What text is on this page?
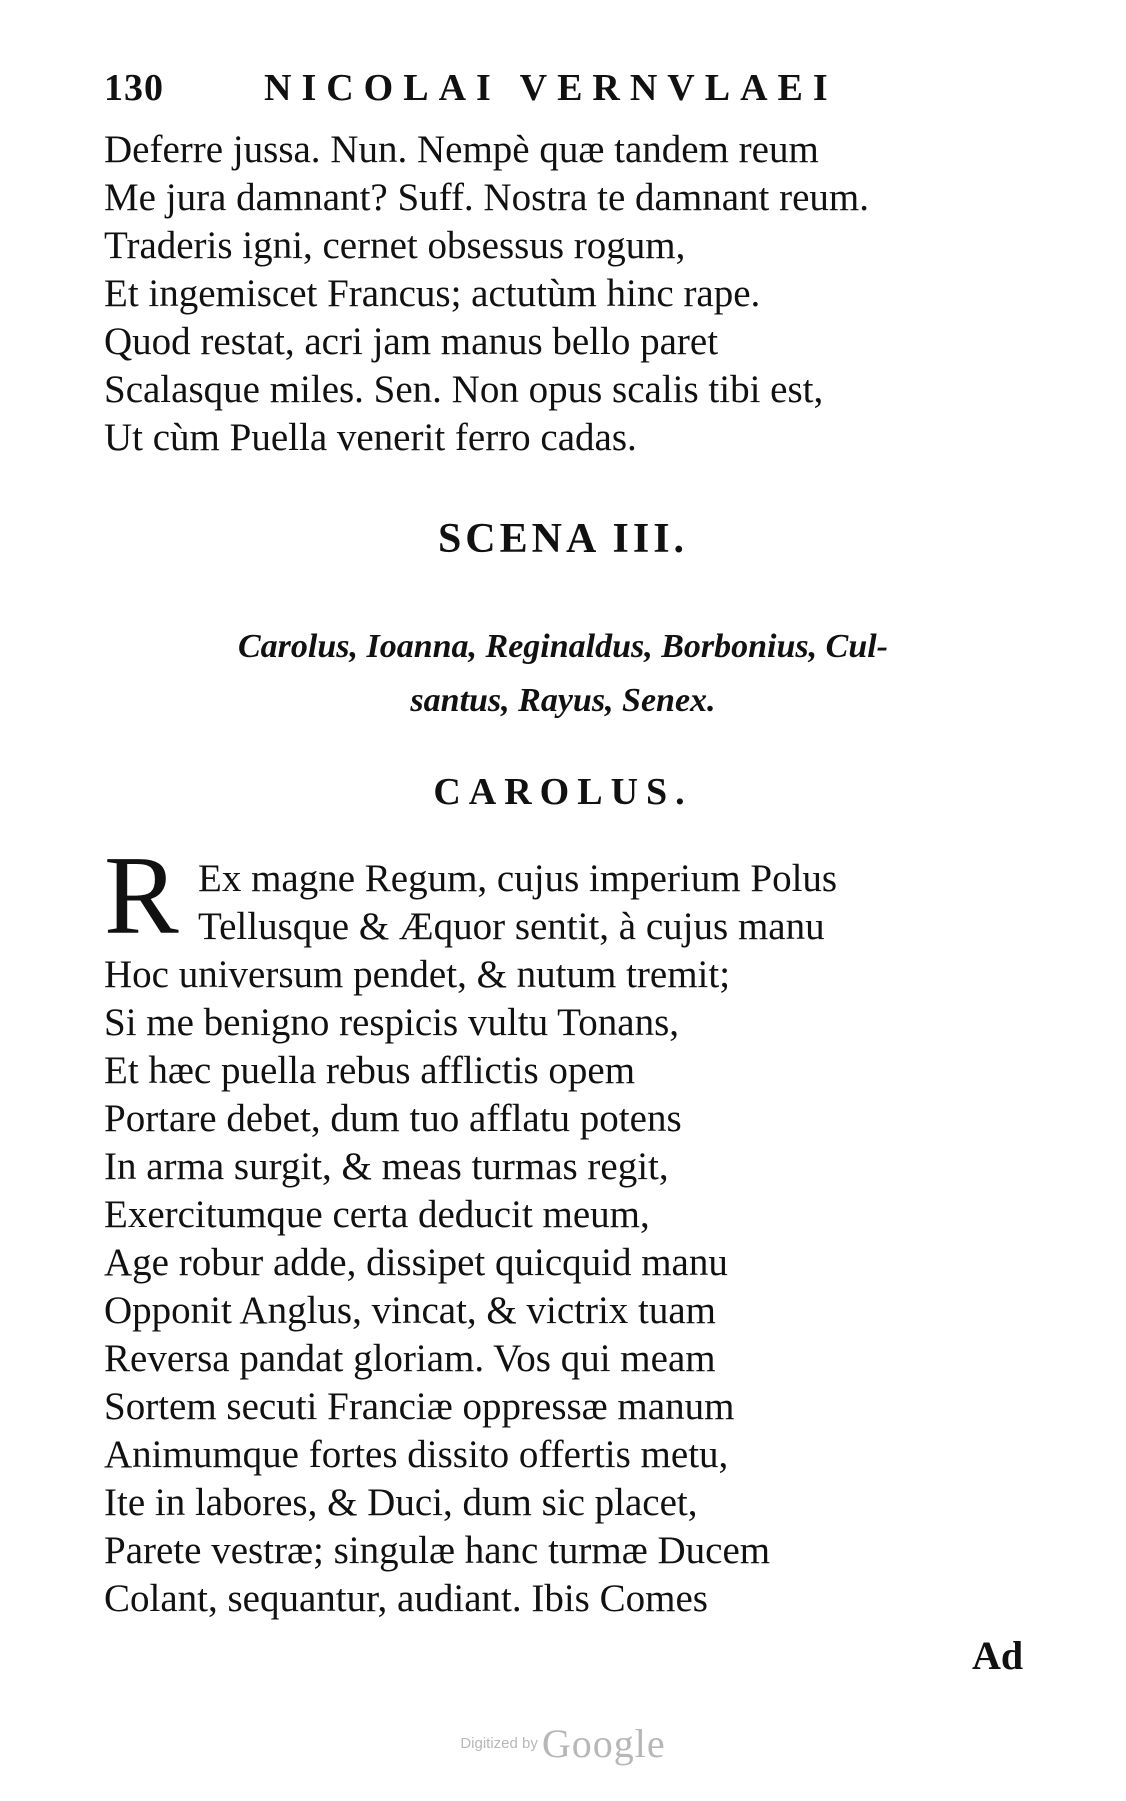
130	NICOLAI VERNVLAEI
Deferre jussa. Nun. Nempè quæ tandem reum
Me jura damnant? Suff. Nostra te damnant reum.
Traderis igni, cernet obsessus rogum,
Et ingemiscet Francus; actutùm hinc rape.
Quod restat, acri jam manus bello paret
Scalasque miles. Sen. Non opus scalis tibi est,
Ut cùm Puella venerit ferro cadas.
SCENA III.
Carolus, Ioanna, Reginaldus, Borbonius, Cul-
santus, Rayus, Senex.
CAROLUS.
R Ex magne Regum, cujus imperium Polus
Tellusque & Æquor sentit, à cujus manu
Hoc universum pendet, & nutum tremit;
Si me benigno respicis vultu Tonans,
Et hæc puella rebus afflictis opem
Portare debet, dum tuo afflatu potens
In arma surgit, & meas turmas regit,
Exercitumque certa deducit meum,
Age robur adde, dissipet quicquid manu
Opponit Anglus, vincat, & victrix tuam
Reversa pandat gloriam. Vos qui meam
Sortem secuti Franciæ oppressæ manum
Animumque fortes dissito offertis metu,
Ite in labores, & Duci, dum sic placet,
Parete vestræ; singulæ hanc turmæ Ducem
Colant, sequantur, audiant. Ibis Comes
Ad
Digitized by Google
